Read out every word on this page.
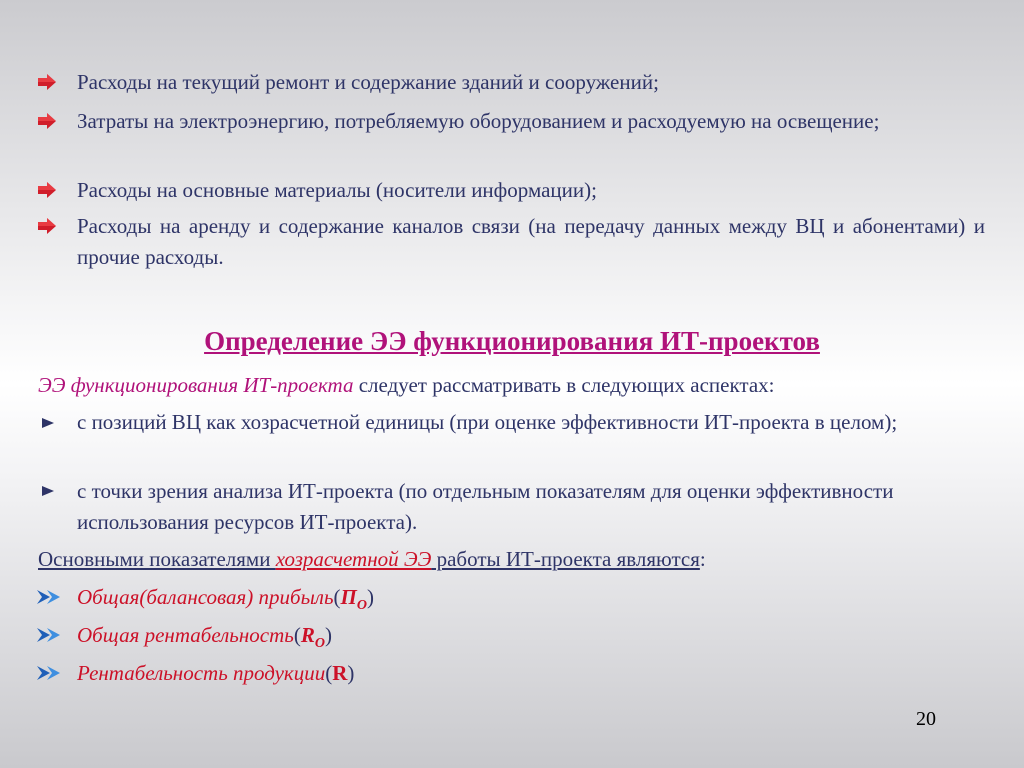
Расходы на текущий ремонт и содержание зданий и сооружений;
Затраты на электроэнергию, потребляемую оборудованием и расходуемую на освещение;
Расходы на основные материалы (носители информации);
Расходы на аренду и содержание каналов связи (на передачу данных между ВЦ и абонентами) и прочие расходы.
Определение ЭЭ функционирования ИТ-проектов
ЭЭ функционирования ИТ-проекта следует рассматривать в следующих аспектах:
с позиций ВЦ как хозрасчетной единицы (при оценке эффективности ИТ-проекта в целом);
с точки зрения анализа ИТ-проекта (по отдельным показателям для оценки эффективности использования ресурсов ИТ-проекта).
Основными показателями хозрасчетной ЭЭ работы ИТ-проекта являются:
Общая(балансовая) $прибыль(П_О)$
Общая $рентабельность(R_О)$
Рентабельность продукции(R)
20
